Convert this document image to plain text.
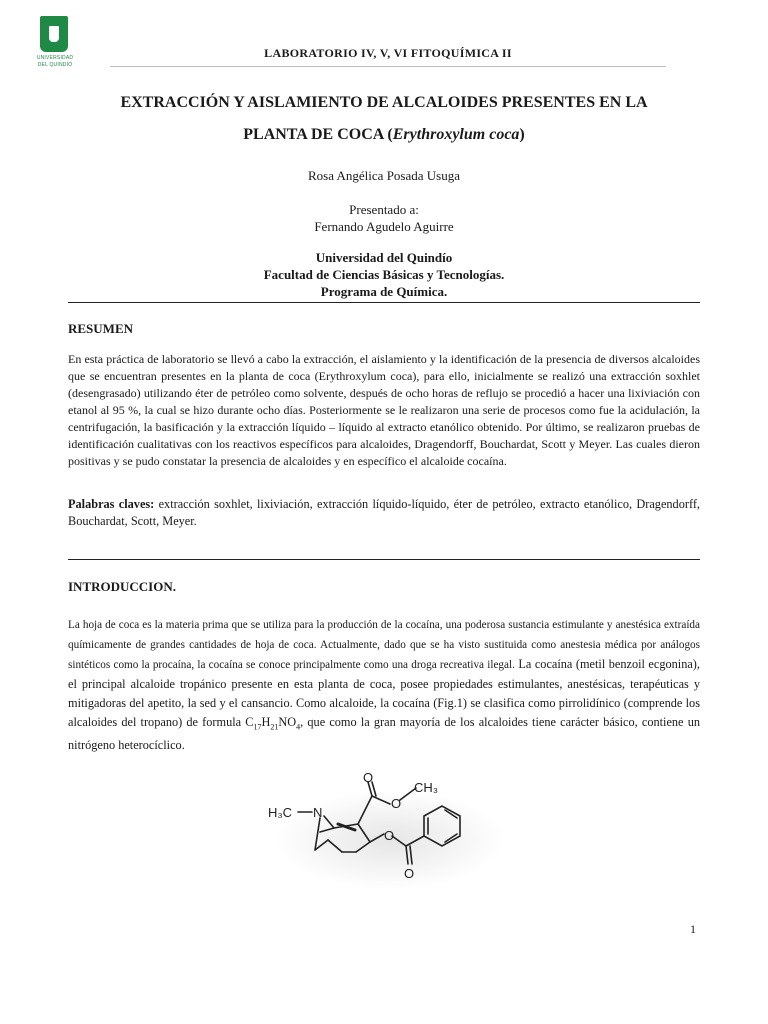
UNIVERSIDAD
DEL QUINDÍO
LABORATORIO IV, V, VI FITOQUÍMICA II
EXTRACCIÓN Y AISLAMIENTO DE ALCALOIDES PRESENTES EN LA
PLANTA DE COCA (Erythroxylum coca)
Rosa Angélica Posada Usuga
Presentado a:
Fernando Agudelo Aguirre
Universidad del Quindío
Facultad de Ciencias Básicas y Tecnologías.
Programa de Química.
RESUMEN
En esta práctica de laboratorio se llevó a cabo la extracción, el aislamiento y la identificación de la presencia de diversos alcaloides que se encuentran presentes en la planta de coca (Erythroxylum coca), para ello, inicialmente se realizó una extracción soxhlet (desengrasado) utilizando éter de petróleo como solvente, después de ocho horas de reflujo se procedió a hacer una lixiviación con etanol al 95 %, la cual se hizo durante ocho días. Posteriormente se le realizaron una serie de procesos como fue la acidulación, la centrifugación, la basificación y la extracción líquido – líquido al extracto etanólico obtenido. Por último, se realizaron pruebas de identificación cualitativas con los reactivos específicos para alcaloides, Dragendorff, Bouchardat, Scott y Meyer. Las cuales dieron positivas y se pudo constatar la presencia de alcaloides y en específico el alcaloide cocaína.
Palabras claves: extracción soxhlet, lixiviación, extracción líquido-líquido, éter de petróleo, extracto etanólico, Dragendorff, Bouchardat, Scott, Meyer.
INTRODUCCION.
La hoja de coca es la materia prima que se utiliza para la producción de la cocaína, una poderosa sustancia estimulante y anestésica extraída químicamente de grandes cantidades de hoja de coca. Actualmente, dado que se ha visto sustituida como anestesia médica por análogos sintéticos como la procaína, la cocaína se conoce principalmente como una droga recreativa ilegal. La cocaína (metil benzoil ecgonina), el principal alcaloide tropánico presente en esta planta de coca, posee propiedades estimulantes, anestésicas, terapéuticas y mitigadoras del apetito, la sed y el cansancio. Como alcaloide, la cocaína (Fig.1) se clasifica como pirrolidínico (comprende los alcaloides del tropano) de formula $C_{17}H_{21}NO_4$, que como la gran mayoría de los alcaloides tiene carácter básico, contiene un nitrógeno heterocíclico.
H₃C N
O
O
CH₃
O
O
1
